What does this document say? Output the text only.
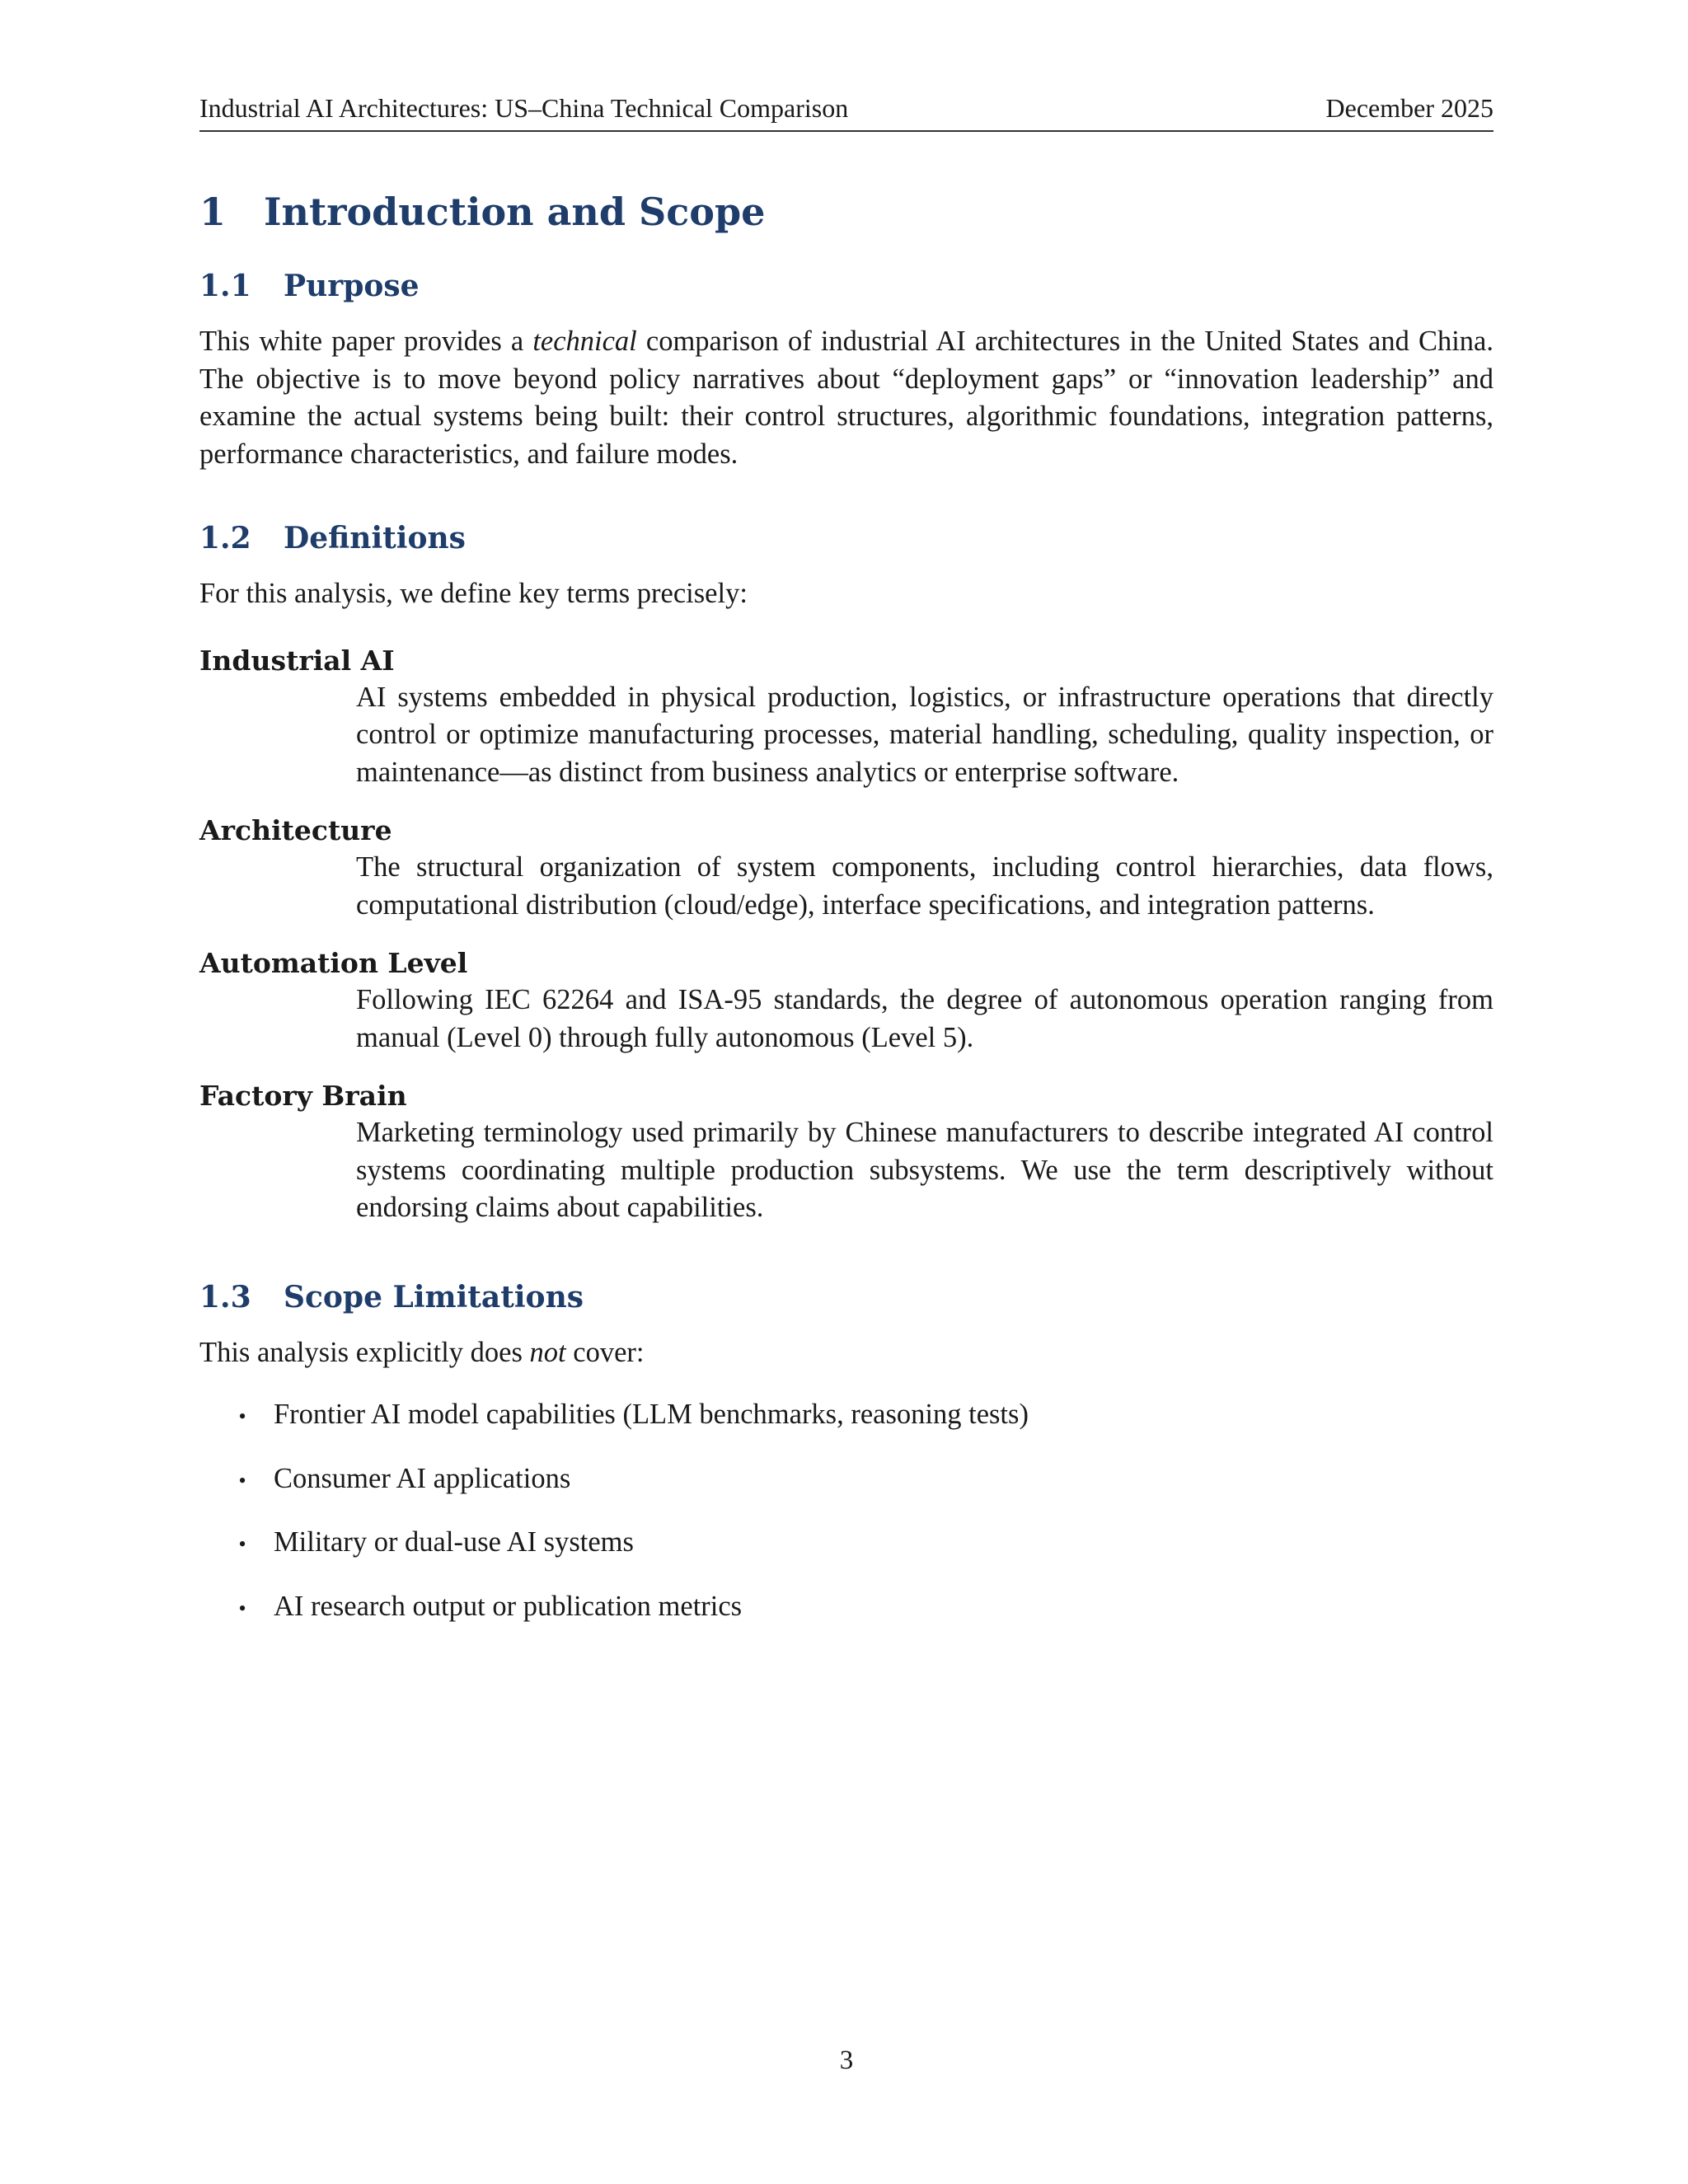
Industrial AI Architectures: US–China Technical Comparison	December 2025
1 Introduction and Scope
1.1	Purpose

This white paper provides a technical comparison of industrial AI architectures in the United States and China. The objective is to move beyond policy narratives about “deployment gaps” or “innovation leadership” and examine the actual systems being built: their control structures, algorithmic foundations, integration patterns, performance characteristics, and failure modes.

1.2	Definitions

For this analysis, we define key terms precisely:

Industrial AI
AI systems embedded in physical production, logistics, or infrastructure operations that directly control or optimize manufacturing processes, material handling, scheduling, quality inspection, or maintenance—as distinct from business analytics or enterprise software.
Architecture
The structural organization of system components, including control hierarchies, data flows, computational distribution (cloud/edge), interface specifications, and integration patterns.
Automation Level
Following IEC 62264 and ISA-95 standards, the degree of autonomous operation ranging from manual (Level 0) through fully autonomous (Level 5).
Factory Brain
Marketing terminology used primarily by Chinese manufacturers to describe integrated AI control systems coordinating multiple production subsystems. We use the term descriptively without endorsing claims about capabilities.
1.3	Scope Limitations

This analysis explicitly does not cover:

• Frontier AI model capabilities (LLM benchmarks, reasoning tests)
• Consumer AI applications
• Military or dual-use AI systems
• AI research output or publication metrics
3
